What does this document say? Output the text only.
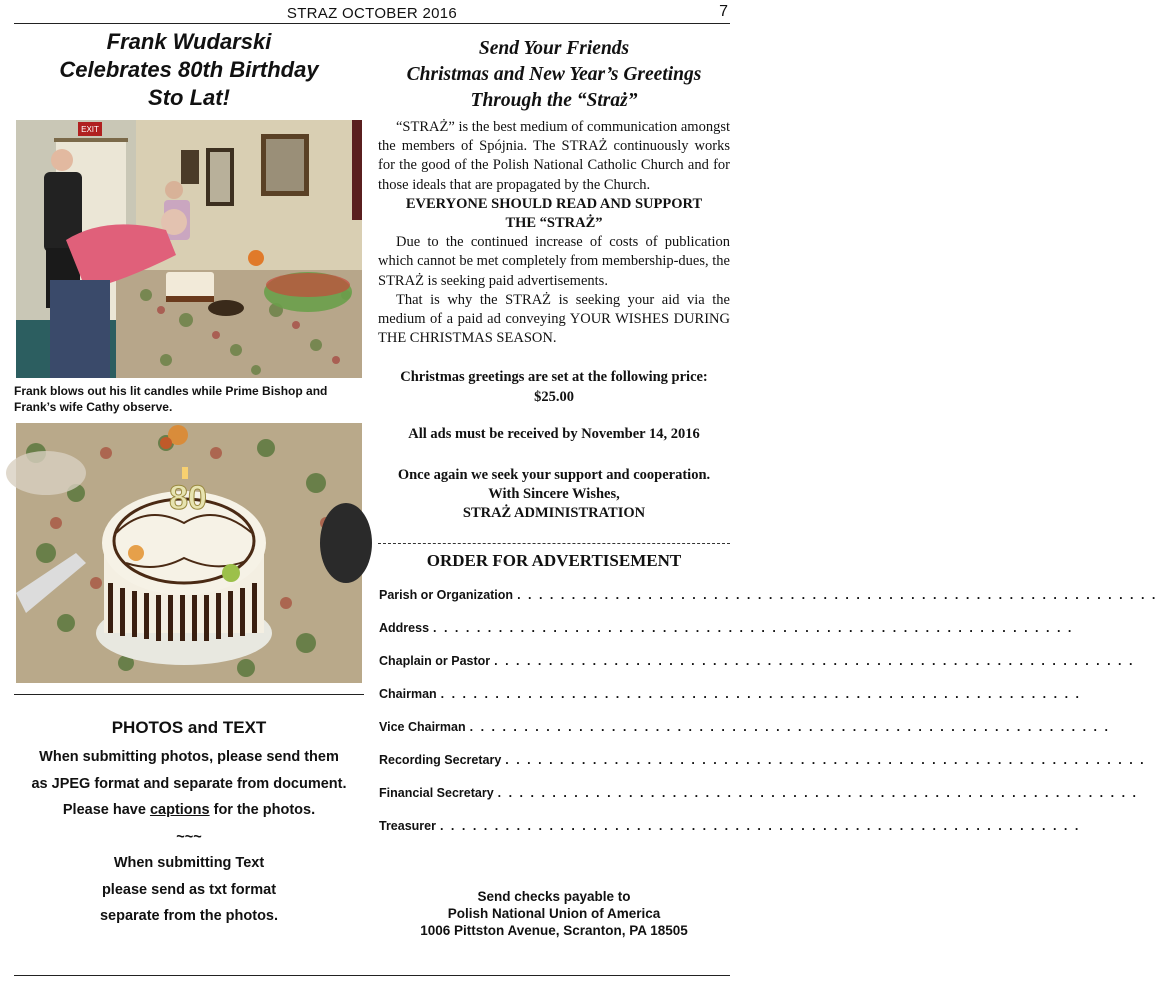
STRAZ OCTOBER 2016	7
Frank Wudarski
Celebrates 80th Birthday
Sto Lat!
EXIT
Frank blows out his lit candles while Prime Bishop and Frank’s wife Cathy observe.
80
PHOTOS and TEXT
When submitting photos, please send them
as JPEG format and separate from document.
Please have captions for the photos.
~~~
When submitting Text
please send as txt format
separate from the photos.
Send Your Friends
Christmas and New Year’s Greetings
Through the “Straż”

“STRAŻ” is the best medium of communication amongst the members of Spójnia. The STRAŻ continuously works for the good of the Polish National Catholic Church and for those ideals that are propagated by the Church.

EVERYONE SHOULD READ AND SUPPORT THE “STRAŻ”

Due to the continued increase of costs of publication which cannot be met completely from membership-dues, the STRAŻ is seeking paid advertisements.

That is why the STRAŻ is seeking your aid via the medium of a paid ad conveying YOUR WISHES DURING THE CHRISTMAS SEASON.

Christmas greetings are set at the following price:

$25.00

All ads must be received by November 14, 2016

Once again we seek your support and cooperation.

With Sincere Wishes,

STRAŻ ADMINISTRATION

ORDER FOR ADVERTISEMENT
Parish or Organization . . . . . . . . . . . . . . . . . . . . . . . . . . . . . . . . . . . . . . . . . . . . . . . . . . . . . . . . . . .
Address . . . . . . . . . . . . . . . . . . . . . . . . . . . . . . . . . . . . . . . . . . . . . . . . . . . . . . . . . . .
Chaplain or Pastor . . . . . . . . . . . . . . . . . . . . . . . . . . . . . . . . . . . . . . . . . . . . . . . . . . . . . . . . . . .
Chairman . . . . . . . . . . . . . . . . . . . . . . . . . . . . . . . . . . . . . . . . . . . . . . . . . . . . . . . . . . .
Vice Chairman . . . . . . . . . . . . . . . . . . . . . . . . . . . . . . . . . . . . . . . . . . . . . . . . . . . . . . . . . . .
Recording Secretary . . . . . . . . . . . . . . . . . . . . . . . . . . . . . . . . . . . . . . . . . . . . . . . . . . . . . . . . . . .
Financial Secretary . . . . . . . . . . . . . . . . . . . . . . . . . . . . . . . . . . . . . . . . . . . . . . . . . . . . . . . . . . .
Treasurer . . . . . . . . . . . . . . . . . . . . . . . . . . . . . . . . . . . . . . . . . . . . . . . . . . . . . . . . . . .
Send checks payable to
Polish National Union of America
1006 Pittston Avenue, Scranton, PA 18505
